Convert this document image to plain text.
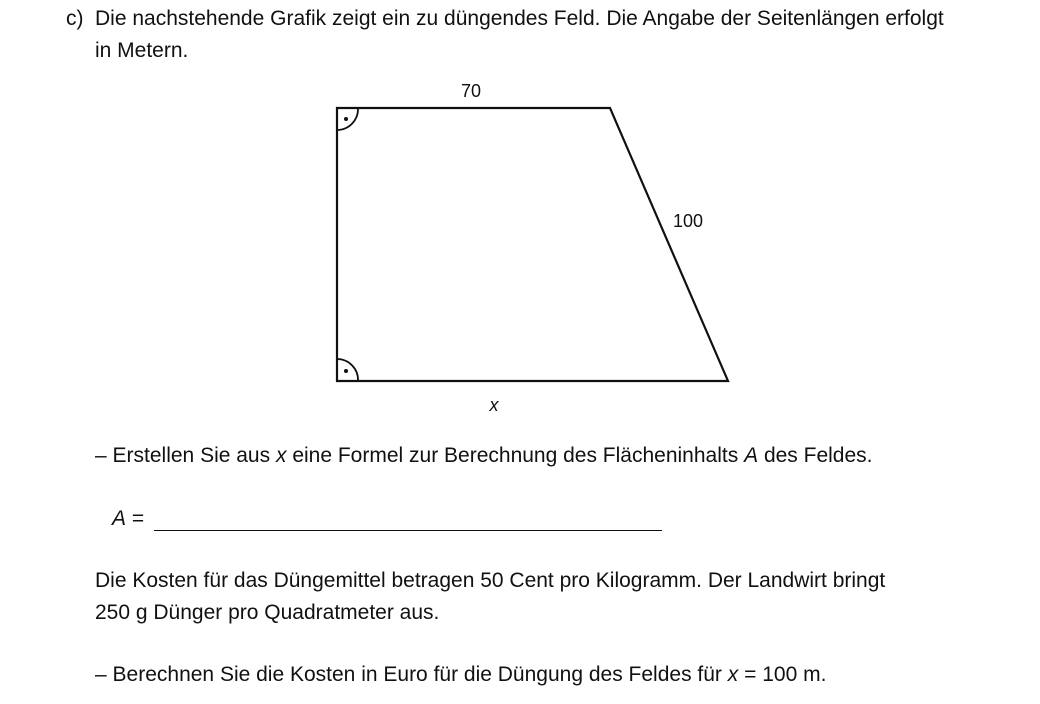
c) Die nachstehende Grafik zeigt ein zu düngendes Feld. Die Angabe der Seitenlängen erfolgt
in Metern.
70
100
x
– Erstellen Sie aus x eine Formel zur Berechnung des Flächeninhalts A des Feldes.
A =
Die Kosten für das Düngemittel betragen 50 Cent pro Kilogramm. Der Landwirt bringt
250 g Dünger pro Quadratmeter aus.
– Berechnen Sie die Kosten in Euro für die Düngung des Feldes für x = 100 m.
